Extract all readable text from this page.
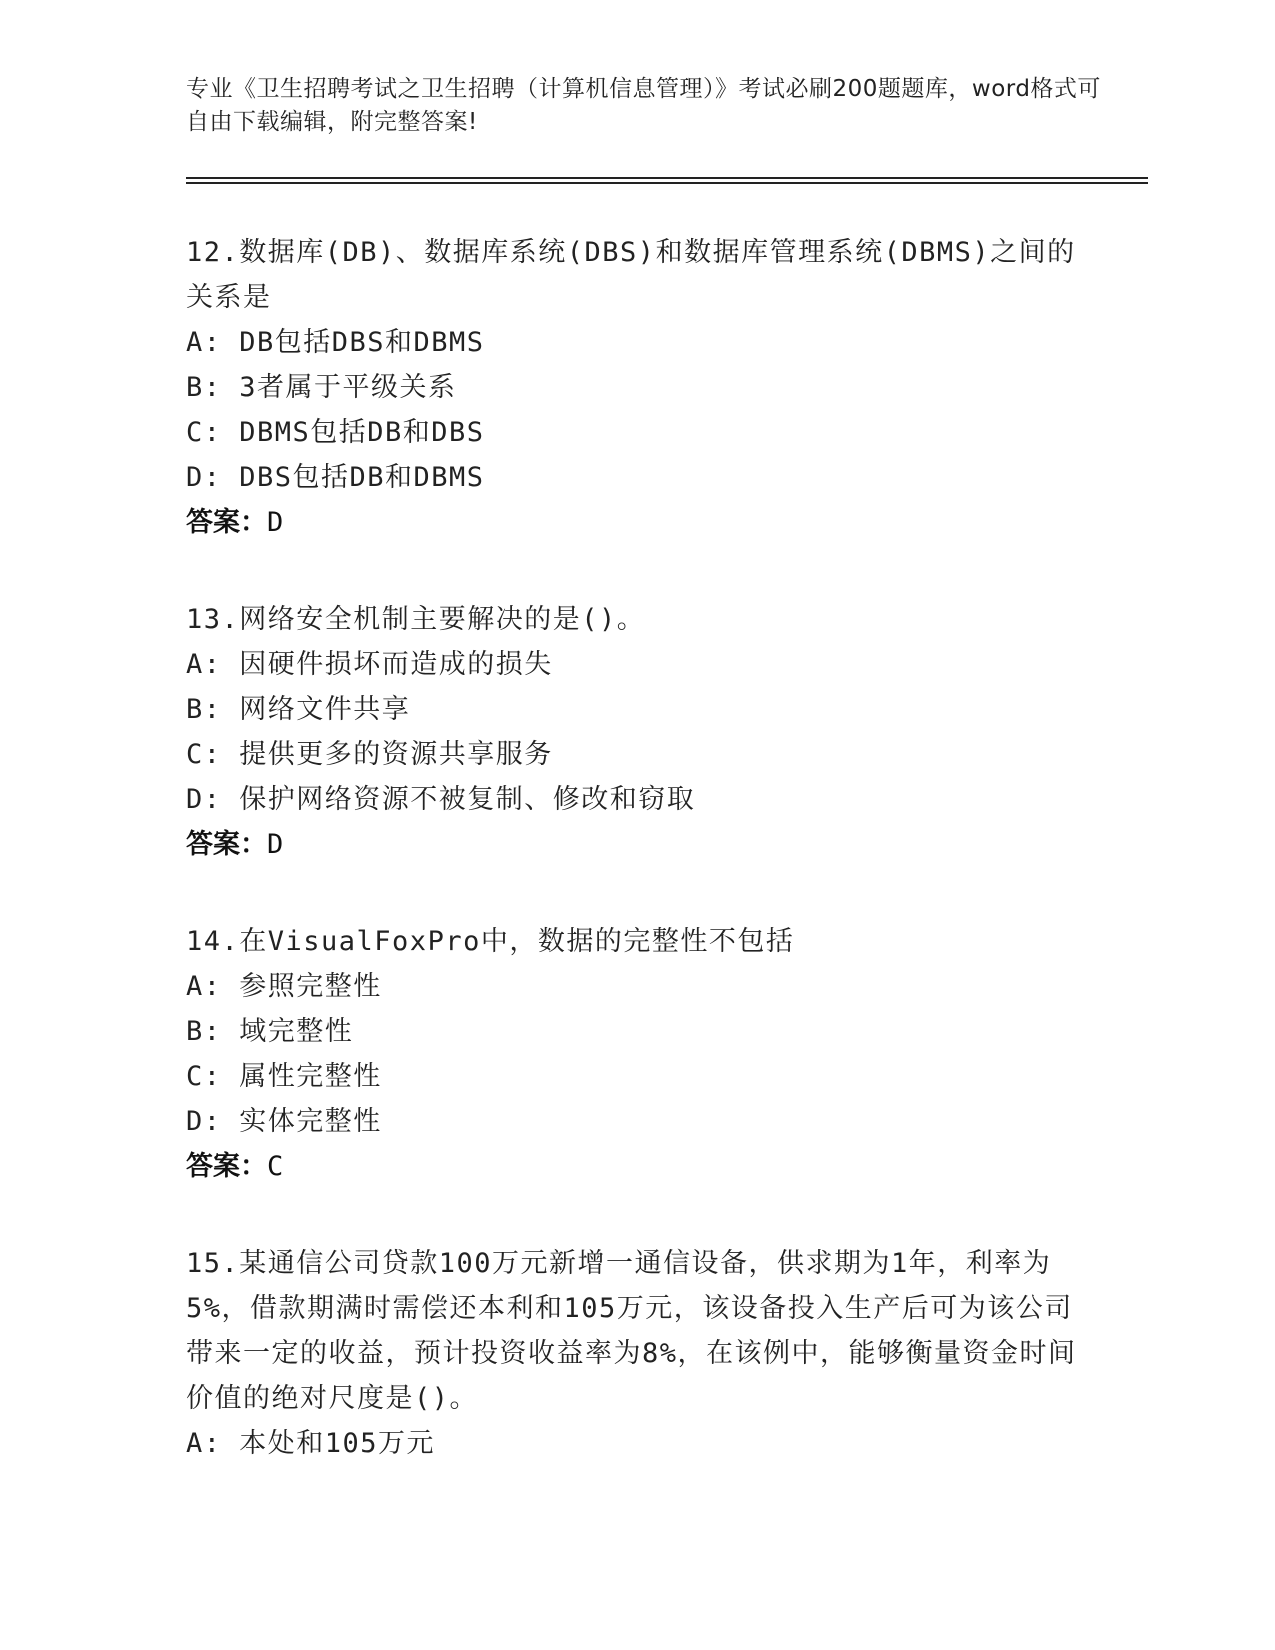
专业《卫生招聘考试之卫生招聘（计算机信息管理）》考试必刷200题题库，word格式可自由下载编辑，附完整答案!

12.数据库(DB)、数据库系统(DBS)和数据库管理系统(DBMS)之间的关系是

A: DB包括DBS和DBMS

B: 3者属于平级关系

C: DBMS包括DB和DBS

D: DBS包括DB和DBMS

答案：D

13.网络安全机制主要解决的是()。

A: 因硬件损坏而造成的损失

B: 网络文件共享

C: 提供更多的资源共享服务

D: 保护网络资源不被复制、修改和窃取

答案：D

14.在VisualFoxPro中，数据的完整性不包括

A: 参照完整性

B: 域完整性

C: 属性完整性

D: 实体完整性

答案：C

15.某通信公司贷款100万元新增一通信设备，供求期为1年，利率为5%，借款期满时需偿还本利和105万元，该设备投入生产后可为该公司带来一定的收益，预计投资收益率为8%，在该例中，能够衡量资金时间价值的绝对尺度是()。

A: 本处和105万元
